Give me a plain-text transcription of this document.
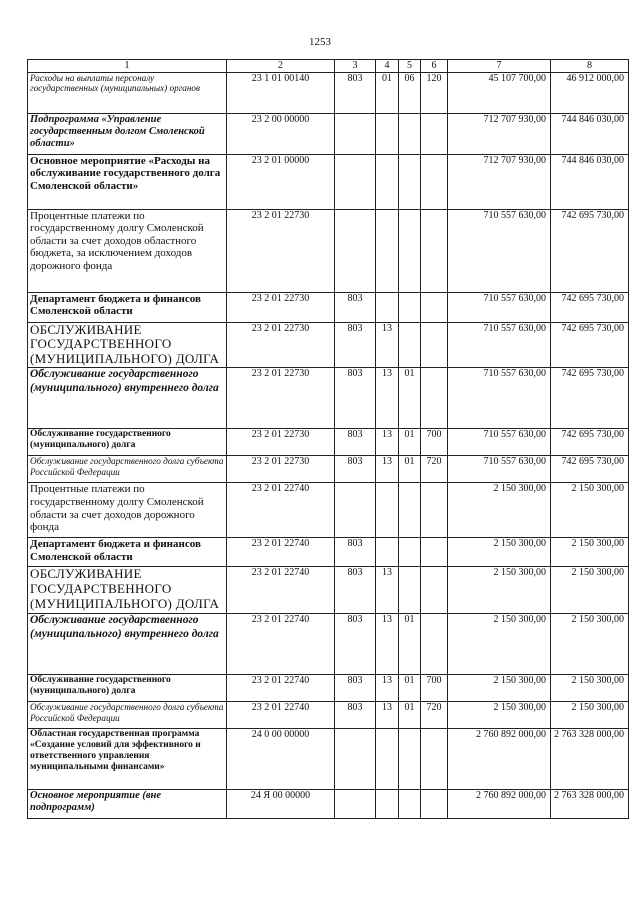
1253
1	2	3	4	5	6	7	8
Расходы на выплаты персоналу государственных (муниципальных) органов	23 1 01 00140	803	01	06	120	45 107 700,00	46 912 000,00
Подпрограмма «Управление государственным долгом Смоленской области»	23 2 00 00000					712 707 930,00	744 846 030,00
Основное мероприятие «Расходы на обслуживание государственного долга Смоленской области»	23 2 01 00000					712 707 930,00	744 846 030,00
Процентные платежи по государственному долгу Смоленской области за счет доходов областного бюджета, за исключением доходов дорожного фонда	23 2 01 22730					710 557 630,00	742 695 730,00
Департамент бюджета и финансов Смоленской области	23 2 01 22730	803				710 557 630,00	742 695 730,00
ОБСЛУЖИВАНИЕ ГОСУДАРСТВЕННОГО (МУНИЦИПАЛЬНОГО) ДОЛГА	23 2 01 22730	803	13			710 557 630,00	742 695 730,00
Обслуживание государственного (муниципального) внутреннего долга	23 2 01 22730	803	13	01		710 557 630,00	742 695 730,00
Обслуживание государственного (муниципального) долга	23 2 01 22730	803	13	01	700	710 557 630,00	742 695 730,00
Обслуживание государственного долга субъекта Российской Федерации	23 2 01 22730	803	13	01	720	710 557 630,00	742 695 730,00
Процентные платежи по государственному долгу Смоленской области за счет доходов дорожного фонда	23 2 01 22740					2 150 300,00	2 150 300,00
Департамент бюджета и финансов Смоленской области	23 2 01 22740	803				2 150 300,00	2 150 300,00
ОБСЛУЖИВАНИЕ ГОСУДАРСТВЕННОГО (МУНИЦИПАЛЬНОГО) ДОЛГА	23 2 01 22740	803	13			2 150 300,00	2 150 300,00
Обслуживание государственного (муниципального) внутреннего долга	23 2 01 22740	803	13	01		2 150 300,00	2 150 300,00
Обслуживание государственного (муниципального) долга	23 2 01 22740	803	13	01	700	2 150 300,00	2 150 300,00
Обслуживание государственного долга субъекта Российской Федерации	23 2 01 22740	803	13	01	720	2 150 300,00	2 150 300,00
Областная государственная программа «Создание условий для эффективного и ответственного управления муниципальными финансами»	24 0 00 00000					2 760 892 000,00	2 763 328 000,00
Основное мероприятие (вне подпрограмм)	24 Я 00 00000					2 760 892 000,00	2 763 328 000,00
